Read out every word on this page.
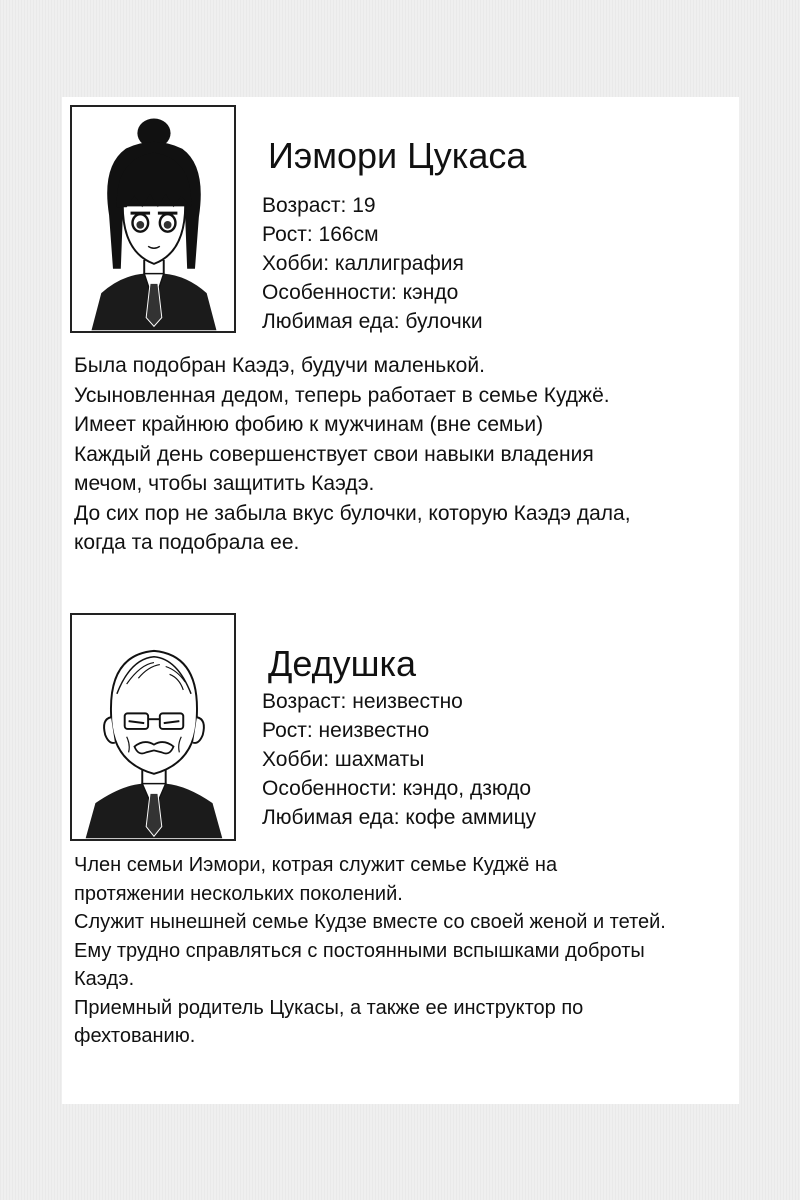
Иэмори Цукаса
Возраст: 19
Рост: 166см
Хобби: каллиграфия
Особенности: кэндо
Любимая еда: булочки

Была подобран Каэдэ, будучи маленькой.

Усыновленная дедом, теперь работает в семье Куджё.

Имеет крайнюю фобию к мужчинам (вне семьи)

Каждый день совершенствует свои навыки владения

мечом, чтобы защитить Каэдэ.

До сих пор не забыла вкус булочки, которую Каэдэ дала,

когда та подобрала ее.

Дедушка
Возраст: неизвестно
Рост: неизвестно
Хобби: шахматы
Особенности: кэндо, дзюдо
Любимая еда: кофе аммицу

Член семьи Иэмори, котрая служит семье Куджё на

протяжении нескольких поколений.

Служит нынешней семье Кудзе вместе со своей женой и тетей.

Ему трудно справляться с постоянными вспышками доброты

Каэдэ.

Приемный родитель Цукасы, а также ее инструктор по

фехтованию.
